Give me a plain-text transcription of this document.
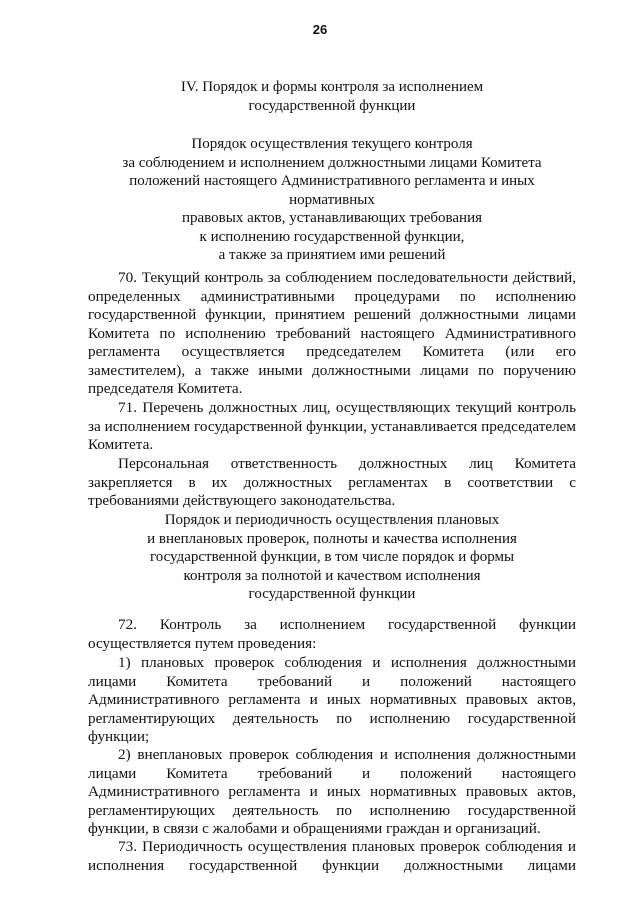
26
IV. Порядок и формы контроля за исполнением
государственной функции
Порядок осуществления текущего контроля
за соблюдением и исполнением должностными лицами Комитета
положений настоящего Административного регламента и иных
нормативных
правовых актов, устанавливающих требования
к исполнению государственной функции,
а также за принятием ими решений
70. Текущий контроль за соблюдением последовательности действий,
определенных административными процедурами по исполнению
государственной функции, принятием решений должностными лицами
Комитета по исполнению требований настоящего Административного
регламента осуществляется председателем Комитета (или его
заместителем), а также иными должностными лицами по поручению
председателя Комитета.
71. Перечень должностных лиц, осуществляющих текущий контроль
за исполнением государственной функции, устанавливается председателем
Комитета.
Персональная ответственность должностных лиц Комитета
закрепляется в их должностных регламентах в соответствии с
требованиями действующего законодательства.
Порядок и периодичность осуществления плановых
и внеплановых проверок, полноты и качества исполнения
государственной функции, в том числе порядок и формы
контроля за полнотой и качеством исполнения
государственной функции
72. Контроль за исполнением государственной функции
осуществляется путем проведения:
1) плановых проверок соблюдения и исполнения должностными
лицами Комитета требований и положений настоящего
Административного регламента и иных нормативных правовых актов,
регламентирующих деятельность по исполнению государственной
функции;
2) внеплановых проверок соблюдения и исполнения должностными
лицами Комитета требований и положений настоящего
Административного регламента и иных нормативных правовых актов,
регламентирующих деятельность по исполнению государственной
функции, в связи с жалобами и обращениями граждан и организаций.
73. Периодичность осуществления плановых проверок соблюдения и
исполнения государственной функции должностными лицами
